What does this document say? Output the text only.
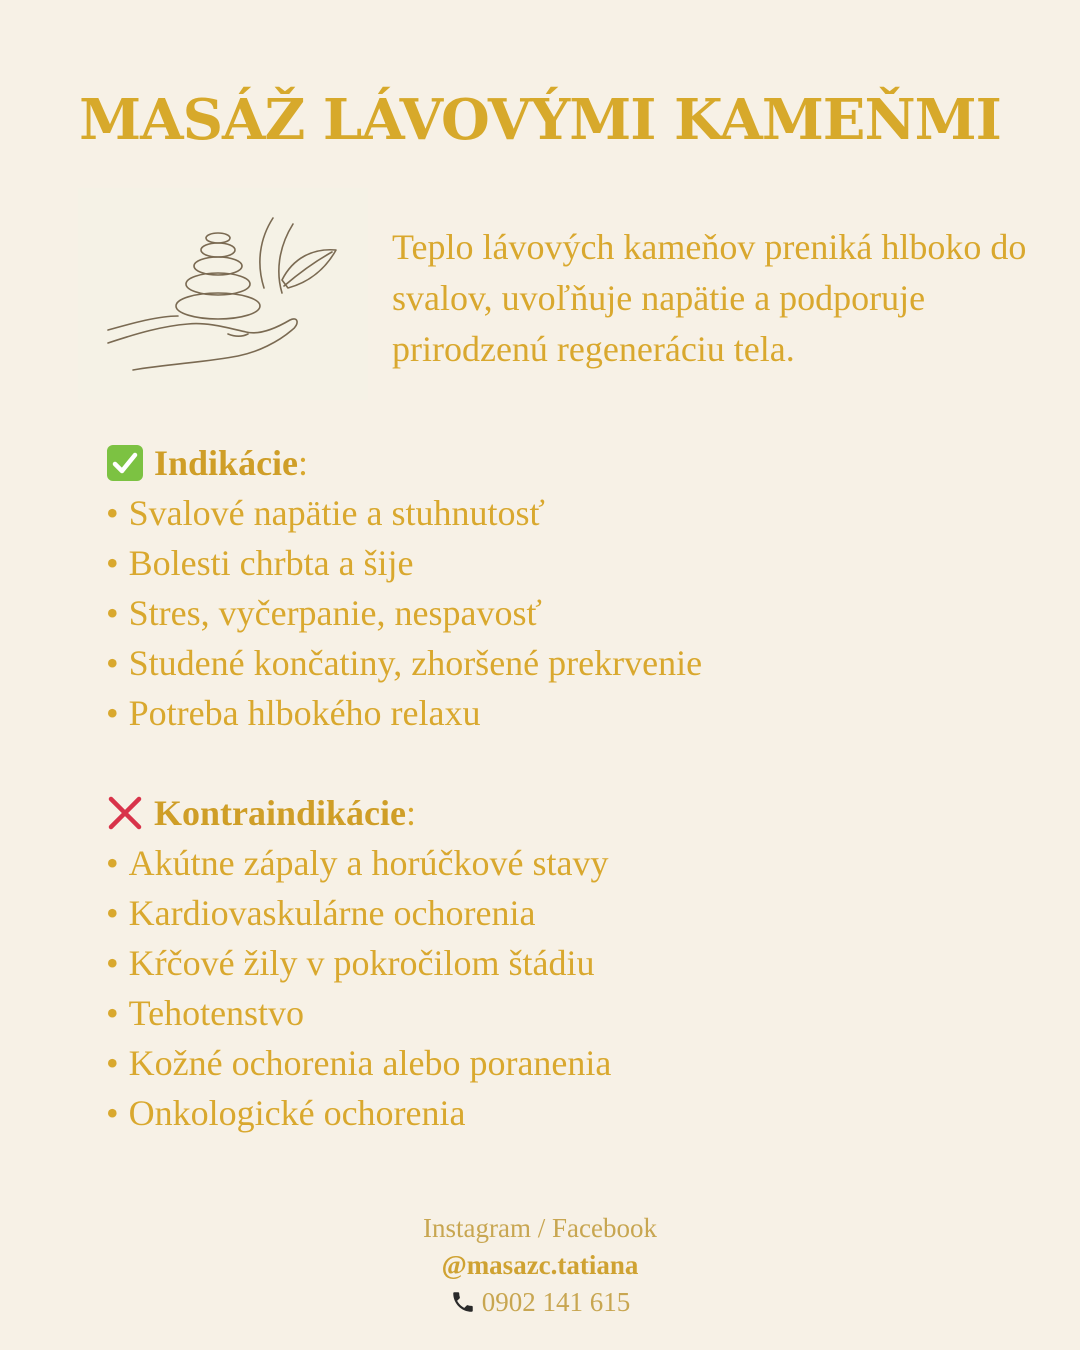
MASÁŽ LÁVOVÝMI KAMEŇMI
Teplo lávových kameňov preniká hlboko do svalov, uvoľňuje napätie a podporuje prirodzenú regeneráciu tela.
Indikácie :
• Svalové napätie a stuhnutosť
• Bolesti chrbta a šije
• Stres, vyčerpanie, nespavosť
• Studené končatiny, zhoršené prekrvenie
• Potreba hlbokého relaxu
Kontraindikácie :
• Akútne zápaly a horúčkové stavy
• Kardiovaskulárne ochorenia
• Kŕčové žily v pokročilom štádiu
• Tehotenstvo
• Kožné ochorenia alebo poranenia
• Onkologické ochorenia
Instagram / Facebook
@masazc.tatiana
0902 141 615
